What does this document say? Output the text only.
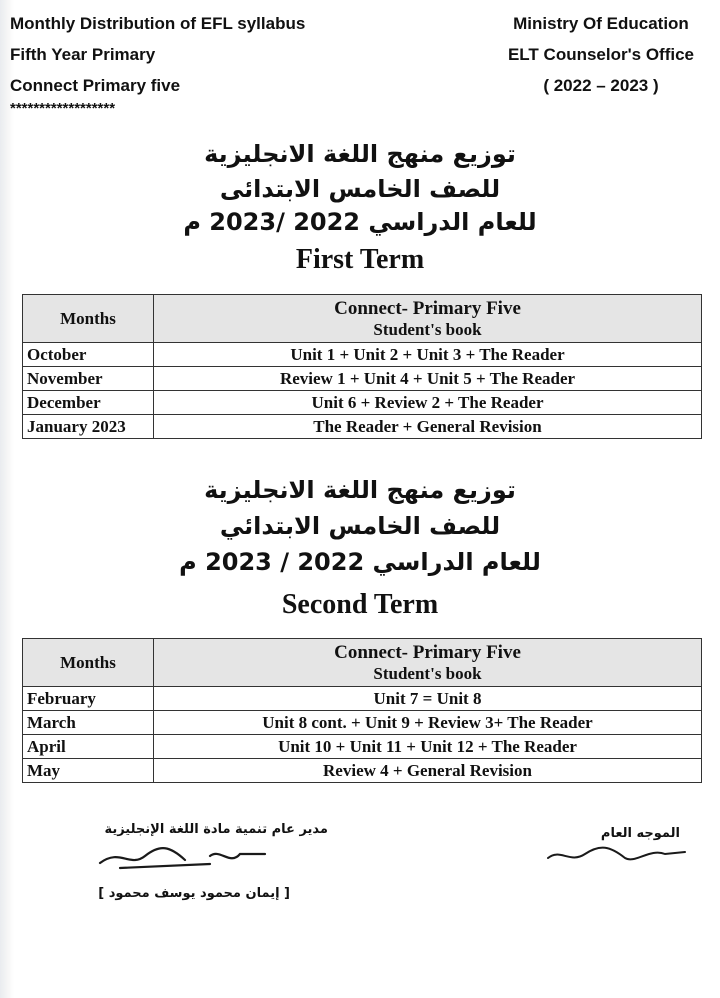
Monthly Distribution of EFL syllabus
Fifth Year Primary
Connect Primary five
******************
Ministry Of Education
ELT Counselor's Office
( 2022 – 2023 )
توزيع منهج اللغة الانجليزية
للصف الخامس الابتدائى
للعام الدراسي 2022 /2023 م
First Term
Months	Connect- Primary Five
Student's book

October	Unit 1 + Unit 2 + Unit 3 + The Reader
November	Review 1 + Unit 4 + Unit 5 + The Reader
December	Unit 6 + Review 2 + The Reader
January 2023	The Reader + General Revision
توزيع منهج اللغة الانجليزية
للصف الخامس الابتدائي
للعام الدراسي 2022 / 2023 م
Second Term
Months	Connect- Primary Five
Student's book

February	Unit 7 = Unit 8
March	Unit 8 cont. + Unit 9 + Review 3+ The Reader
April	Unit 10 + Unit 11 + Unit 12 + The Reader
May	Review 4 + General Revision
مدير عام تنمية مادة اللغة الإنجليزية
[ إيمان محمود يوسف محمود ]
الموجه العام
